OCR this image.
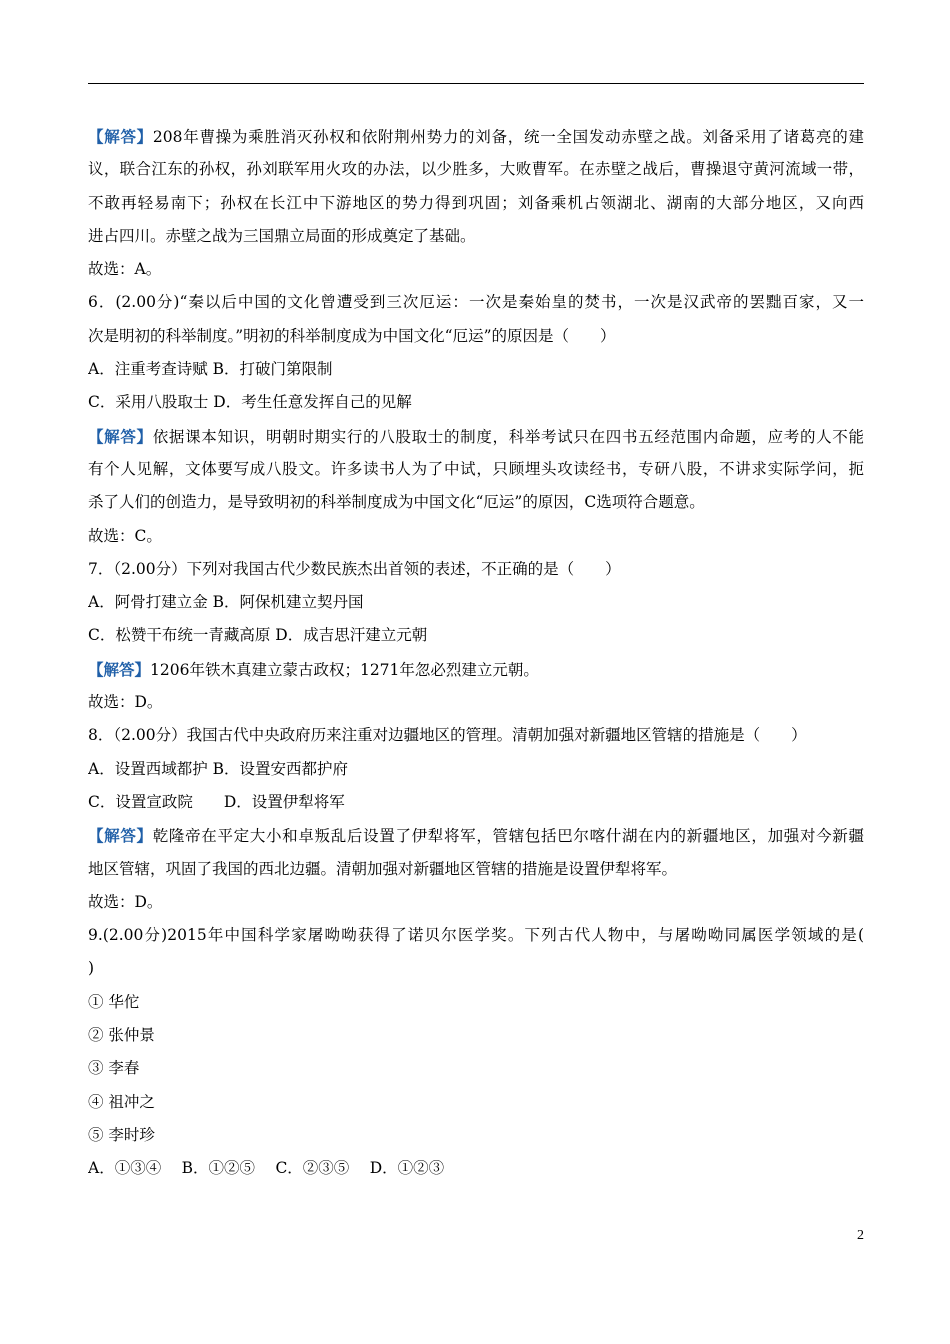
【解答】208年曹操为乘胜消灭孙权和依附荆州势力的刘备，统一全国发动赤壁之战。刘备采用了诸葛亮的建
议，联合江东的孙权，孙刘联军用火攻的办法，以少胜多，大败曹军。在赤壁之战后，曹操退守黄河流域一带，
不敢再轻易南下；孙权在长江中下游地区的势力得到巩固；刘备乘机占领湖北、湖南的大部分地区，又向西
进占四川。赤壁之战为三国鼎立局面的形成奠定了基础。
故选：A。
6．(2.00分)“秦以后中国的文化曾遭受到三次厄运：一次是秦始皇的焚书，一次是汉武帝的罢黜百家，又一
次是明初的科举制度。”明初的科举制度成为中国文化“厄运”的原因是（　　）
A．注重考查诗赋 B．打破门第限制
C．采用八股取士 D．考生任意发挥自己的见解
【解答】依据课本知识，明朝时期实行的八股取士的制度，科举考试只在四书五经范围内命题，应考的人不能
有个人见解，文体要写成八股文。许多读书人为了中试，只顾埋头攻读经书，专研八股，不讲求实际学问，扼
杀了人们的创造力，是导致明初的科举制度成为中国文化“厄运”的原因，C选项符合题意。
故选：C。
7．（2.00分）下列对我国古代少数民族杰出首领的表述，不正确的是（　　）
A．阿骨打建立金 B．阿保机建立契丹国
C．松赞干布统一青藏高原 D．成吉思汗建立元朝
【解答】1206年铁木真建立蒙古政权；1271年忽必烈建立元朝。
故选：D。
8．（2.00分）我国古代中央政府历来注重对边疆地区的管理。清朝加强对新疆地区管辖的措施是（　　）
A．设置西域都护 B．设置安西都护府
C．设置宣政院　　D．设置伊犁将军
【解答】乾隆帝在平定大小和卓叛乱后设置了伊犁将军，管辖包括巴尔喀什湖在内的新疆地区，加强对今新疆
地区管辖，巩固了我国的西北边疆。清朝加强对新疆地区管辖的措施是设置伊犁将军。
故选：D。
9.(2.00分)2015年中国科学家屠呦呦获得了诺贝尔医学奖。下列古代人物中，与屠呦呦同属医学领域的是(
)
① 华佗
② 张仲景
③ 李春
④ 祖冲之
⑤ 李时珍
A．①③④　 B．①②⑤　 C．②③⑤　 D．①②③
2
